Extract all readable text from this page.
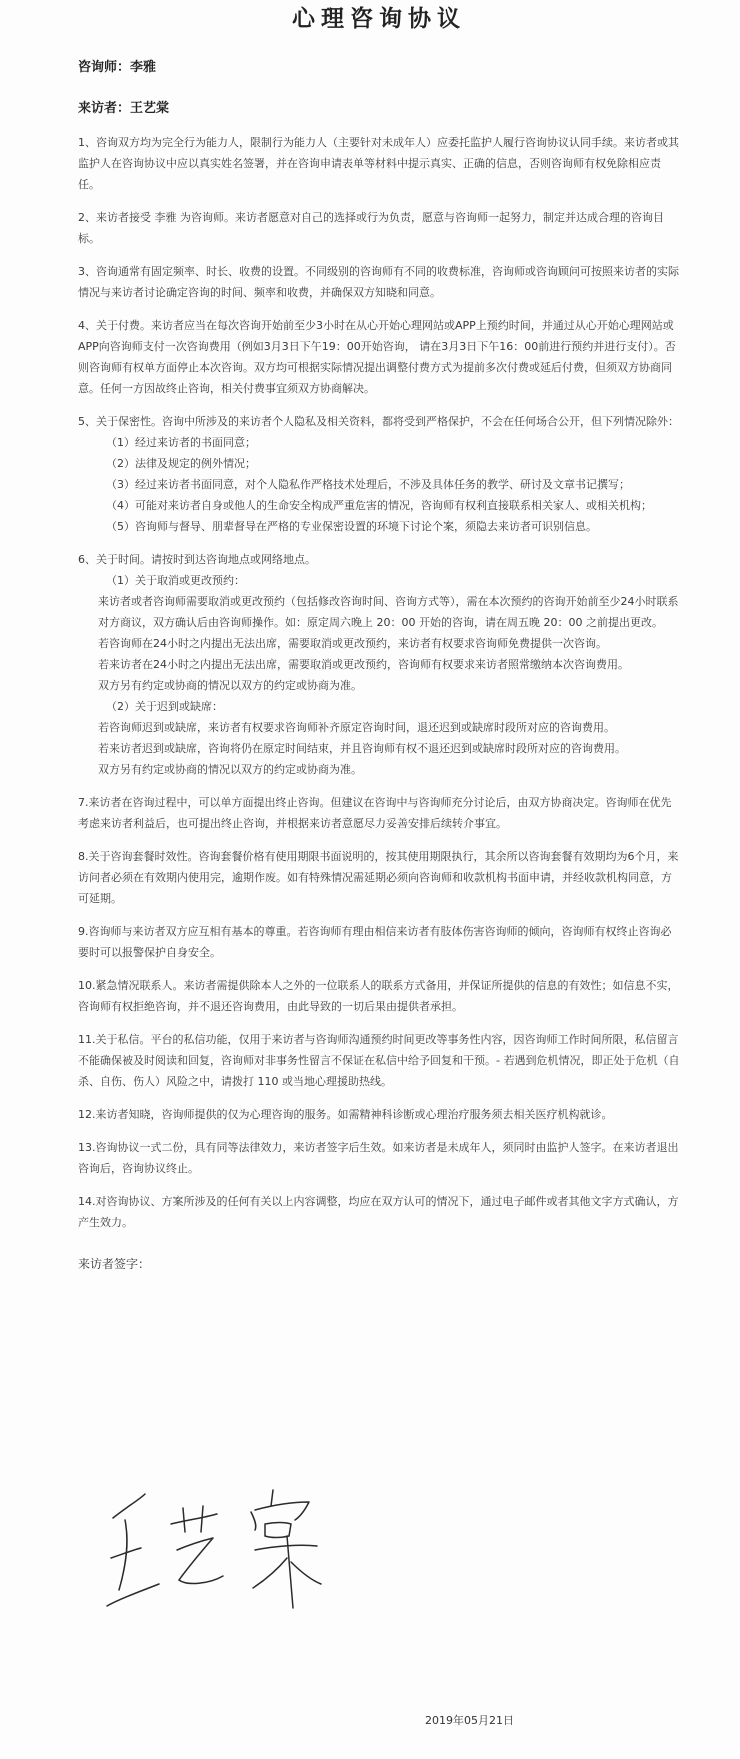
心理咨询协议

咨询师：李雅

来访者：王艺棠

1、咨询双方均为完全行为能力人，限制行为能力人（主要针对未成年人）应委托监护人履行咨询协议认同手续。来访者或其监护人在咨询协议中应以真实姓名签署，并在咨询申请表单等材料中提示真实、正确的信息，否则咨询师有权免除相应责任。

2、来访者接受 李雅 为咨询师。来访者愿意对自己的选择或行为负责，愿意与咨询师一起努力，制定并达成合理的咨询目标。

3、咨询通常有固定频率、时长、收费的设置。不同级别的咨询师有不同的收费标准，咨询师或咨询顾问可按照来访者的实际情况与来访者讨论确定咨询的时间、频率和收费，并确保双方知晓和同意。

4、关于付费。来访者应当在每次咨询开始前至少3小时在从心开始心理网站或APP上预约时间，并通过从心开始心理网站或APP向咨询师支付一次咨询费用（例如3月3日下午19：00开始咨询， 请在3月3日下午16：00前进行预约并进行支付）。否则咨询师有权单方面停止本次咨询。双方均可根据实际情况提出调整付费方式为提前多次付费或延后付费，但须双方协商同意。任何一方因故终止咨询，相关付费事宜须双方协商解决。

5、关于保密性。咨询中所涉及的来访者个人隐私及相关资料，都将受到严格保护，不会在任何场合公开，但下列情况除外：

（1）经过来访者的书面同意；

（2）法律及规定的例外情况；

（3）经过来访者书面同意，对个人隐私作严格技术处理后，不涉及具体任务的教学、研讨及文章书记撰写；

（4）可能对来访者自身或他人的生命安全构成严重危害的情况，咨询师有权利直接联系相关家人、或相关机构；

（5）咨询师与督导、朋辈督导在严格的专业保密设置的环境下讨论个案，须隐去来访者可识别信息。

6、关于时间。请按时到达咨询地点或网络地点。

（1）关于取消或更改预约：

来访者或者咨询师需要取消或更改预约（包括修改咨询时间、咨询方式等），需在本次预约的咨询开始前至少24小时联系对方商议，双方确认后由咨询师操作。如：原定周六晚上 20：00 开始的咨询，请在周五晚 20：00 之前提出更改。

若咨询师在24小时之内提出无法出席，需要取消或更改预约，来访者有权要求咨询师免费提供一次咨询。

若来访者在24小时之内提出无法出席，需要取消或更改预约，咨询师有权要求来访者照常缴纳本次咨询费用。

双方另有约定或协商的情况以双方的约定或协商为准。

（2）关于迟到或缺席：

若咨询师迟到或缺席，来访者有权要求咨询师补齐原定咨询时间，退还迟到或缺席时段所对应的咨询费用。

若来访者迟到或缺席，咨询将仍在原定时间结束，并且咨询师有权不退还迟到或缺席时段所对应的咨询费用。

双方另有约定或协商的情况以双方的约定或协商为准。

7.来访者在咨询过程中，可以单方面提出终止咨询。但建议在咨询中与咨询师充分讨论后，由双方协商决定。咨询师在优先考虑来访者利益后，也可提出终止咨询，并根据来访者意愿尽力妥善安排后续转介事宜。

8.关于咨询套餐时效性。咨询套餐价格有使用期限书面说明的，按其使用期限执行，其余所以咨询套餐有效期均为6个月，来访问者必须在有效期内使用完，逾期作废。如有特殊情况需延期必须向咨询师和收款机构书面申请，并经收款机构同意，方可延期。

9.咨询师与来访者双方应互相有基本的尊重。若咨询师有理由相信来访者有肢体伤害咨询师的倾向，咨询师有权终止咨询必要时可以报警保护自身安全。

10.紧急情况联系人。来访者需提供除本人之外的一位联系人的联系方式备用，并保证所提供的信息的有效性；如信息不实，咨询师有权拒绝咨询，并不退还咨询费用，由此导致的一切后果由提供者承担。

11.关于私信。平台的私信功能，仅用于来访者与咨询师沟通预约时间更改等事务性内容，因咨询师工作时间所限，私信留言不能确保被及时阅读和回复，咨询师对非事务性留言不保证在私信中给予回复和干预。- 若遇到危机情况，即正处于危机（自杀、自伤、伤人）风险之中，请拨打 110 或当地心理援助热线。

12.来访者知晓，咨询师提供的仅为心理咨询的服务。如需精神科诊断或心理治疗服务须去相关医疗机构就诊。

13.咨询协议一式二份，具有同等法律效力，来访者签字后生效。如来访者是未成年人，须同时由监护人签字。在来访者退出咨询后，咨询协议终止。

14.对咨询协议、方案所涉及的任何有关以上内容调整，均应在双方认可的情况下，通过电子邮件或者其他文字方式确认，方产生效力。

来访者签字：
2019年05月21日
